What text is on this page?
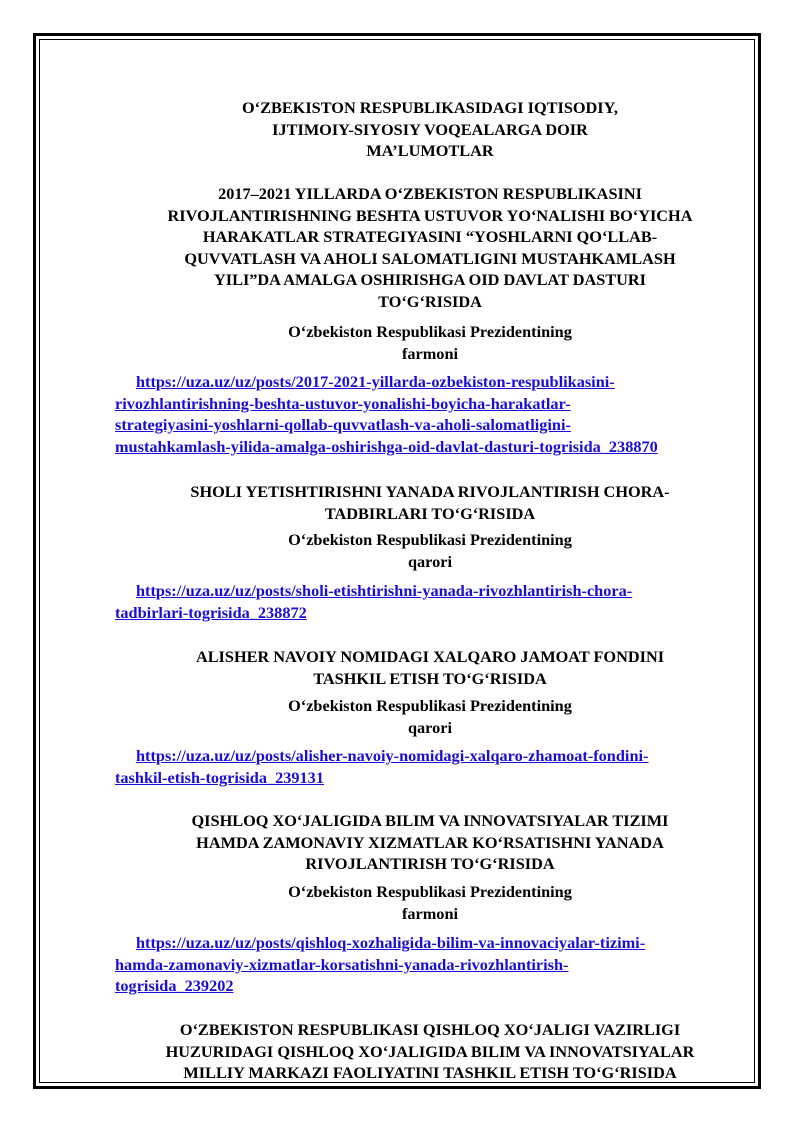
O‘ZBEKISTON RESPUBLIKASIDAGI IQTISODIY,
IJTIMOIY-SIYOSIY VOQEALARGA DOIR
MA’LUMOTLAR

2017–2021 YILLARDA O‘ZBEKISTON RESPUBLIKASINI
RIVOJLANTIRISHNING BESHTA USTUVOR YO‘NALISHI BO‘YICHA
HARAKATLAR STRATEGIYASINI “YOSHLARNI QO‘LLAB-
QUVVATLASH VA AHOLI SALOMATLIGINI MUSTAHKAMLASH
YILI”DA AMALGA OSHIRISHGA OID DAVLAT DASTURI
TO‘G‘RISIDA

O‘zbekiston Respublikasi Prezidentining
farmoni

https://uza.uz/uz/posts/2017-2021-yillarda-ozbekiston-respublikasini-
rivozhlantirishning-beshta-ustuvor-yonalishi-boyicha-harakatlar-
strategiyasini-yoshlarni-qollab-quvvatlash-va-aholi-salomatligini-
mustahkamlash-yilida-amalga-oshirishga-oid-davlat-dasturi-togrisida_238870

SHOLI YETISHTIRISHNI YANADA RIVOJLANTIRISH CHORA-
TADBIRLARI TO‘G‘RISIDA

O‘zbekiston Respublikasi Prezidentining
qarori

https://uza.uz/uz/posts/sholi-etishtirishni-yanada-rivozhlantirish-chora-
tadbirlari-togrisida_238872

ALISHER NAVOIY NOMIDAGI XALQARO JAMOAT FONDINI
TASHKIL ETISH TO‘G‘RISIDA

O‘zbekiston Respublikasi Prezidentining
qarori

https://uza.uz/uz/posts/alisher-navoiy-nomidagi-xalqaro-zhamoat-fondini-
tashkil-etish-togrisida_239131

QISHLOQ XO‘JALIGIDA BILIM VA INNOVATSIYALAR TIZIMI
HAMDA ZAMONAVIY XIZMATLAR KO‘RSATISHNI YANADA
RIVOJLANTIRISH TO‘G‘RISIDA

O‘zbekiston Respublikasi Prezidentining
farmoni

https://uza.uz/uz/posts/qishloq-xozhaligida-bilim-va-innovaciyalar-tizimi-
hamda-zamonaviy-xizmatlar-korsatishni-yanada-rivozhlantirish-
togrisida_239202

O‘ZBEKISTON RESPUBLIKASI QISHLOQ XO‘JALIGI VAZIRLIGI
HUZURIDAGI QISHLOQ XO‘JALIGIDA BILIM VA INNOVATSIYALAR
MILLIY MARKAZI FAOLIYATINI TASHKIL ETISH TO‘G‘RISIDA
